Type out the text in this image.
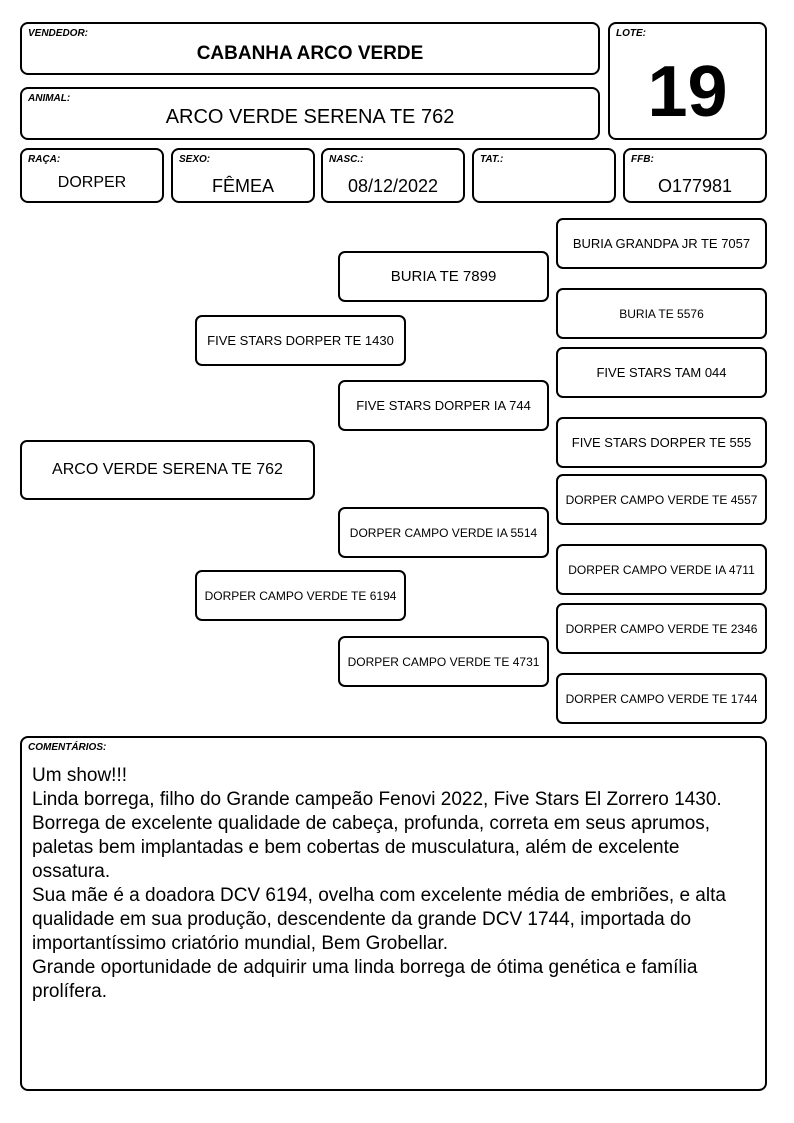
VENDEDOR:
CABANHA ARCO VERDE
LOTE:
19
ANIMAL:
ARCO VERDE SERENA TE 762
RAÇA:
DORPER
SEXO:
FÊMEA
NASC.:
08/12/2022
TAT.:	FFB:
O177981
BURIA GRANDPA JR TE 7057
BURIA TE 5576
FIVE STARS TAM 044
FIVE STARS DORPER TE 555
DORPER CAMPO VERDE TE 4557
DORPER CAMPO VERDE IA 4711
DORPER CAMPO VERDE TE 2346
DORPER CAMPO VERDE TE 1744
BURIA TE 7899
FIVE STARS DORPER IA 744
DORPER CAMPO VERDE IA 5514
DORPER CAMPO VERDE TE 4731
FIVE STARS DORPER TE 1430
DORPER CAMPO VERDE TE 6194
ARCO VERDE SERENA TE 762
COMENTÁRIOS:
Um show!!!
Linda borrega, filho do Grande campeão Fenovi 2022, Five Stars El Zorrero 1430.
Borrega de excelente qualidade de cabeça, profunda, correta em seus aprumos, paletas bem implantadas e bem cobertas de musculatura, além de excelente ossatura.
Sua mãe é a doadora DCV 6194, ovelha com excelente média de embriões, e alta qualidade em sua produção, descendente da grande DCV 1744, importada do importantíssimo criatório mundial, Bem Grobellar.
Grande oportunidade de adquirir uma linda borrega de ótima genética e família prolífera.
